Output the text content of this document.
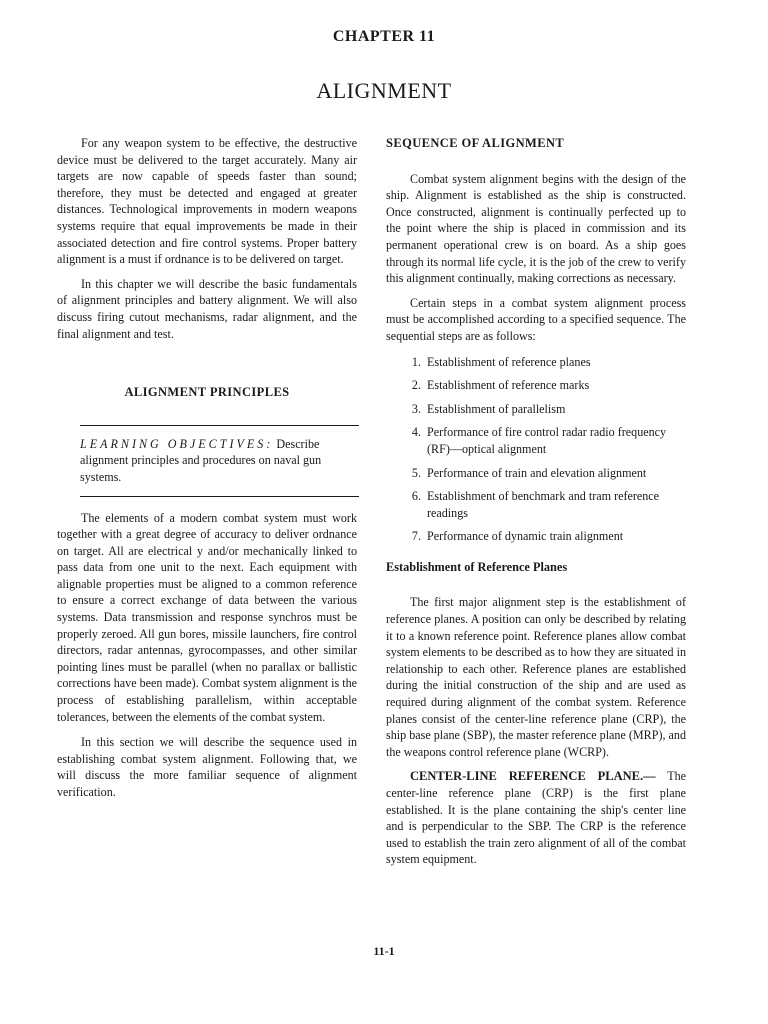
CHAPTER 11
ALIGNMENT

For any weapon system to be effective, the destructive device must be delivered to the target accurately. Many air targets are now capable of speeds faster than sound; therefore, they must be detected and engaged at greater distances. Technological improvements in modern weapons systems require that equal improvements be made in their associated detection and fire control systems. Proper battery alignment is a must if ordnance is to be delivered on target.

In this chapter we will describe the basic fundamentals of alignment principles and battery alignment. We will also discuss firing cutout mechanisms, radar alignment, and the final alignment and test.

ALIGNMENT PRINCIPLES

LEARNING OBJECTIVES: Describe alignment principles and procedures on naval gun systems.

The elements of a modern combat system must work together with a great degree of accuracy to deliver ordnance on target. All are electrical y and/or mechanically linked to pass data from one unit to the next. Each equipment with alignable properties must be aligned to a common reference to ensure a correct exchange of data between the various systems. Data transmission and response synchros must be properly zeroed. All gun bores, missile launchers, fire control directors, radar antennas, gyrocompasses, and other similar pointing lines must be parallel (when no parallax or ballistic corrections have been made). Combat system alignment is the process of establishing parallelism, within acceptable tolerances, between the elements of the combat system.

In this section we will describe the sequence used in establishing combat system alignment. Following that, we will discuss the more familiar sequence of alignment verification.

SEQUENCE OF ALIGNMENT

Combat system alignment begins with the design of the ship. Alignment is established as the ship is constructed. Once constructed, alignment is continually perfected up to the point where the ship is placed in commission and its permanent operational crew is on board. As a ship goes through its normal life cycle, it is the job of the crew to verify this alignment continually, making corrections as necessary.

Certain steps in a combat system alignment process must be accomplished according to a specified sequence. The sequential steps are as follows:

1. Establishment of reference planes
2. Establishment of reference marks
3. Establishment of parallelism
4. Performance of fire control radar radio frequency (RF)—optical alignment
5. Performance of train and elevation alignment
6. Establishment of benchmark and tram reference readings
7. Performance of dynamic train alignment
Establishment of Reference Planes

The first major alignment step is the establishment of reference planes. A position can only be described by relating it to a known reference point. Reference planes allow combat system elements to be described as to how they are situated in relationship to each other. Reference planes are established during the initial construction of the ship and are used as required during alignment of the combat system. Reference planes consist of the center-line reference plane (CRP), the ship base plane (SBP), the master reference plane (MRP), and the weapons control reference plane (WCRP).

CENTER-LINE REFERENCE PLANE.— The center-line reference plane (CRP) is the first plane established. It is the plane containing the ship's center line and is perpendicular to the SBP. The CRP is the reference used to establish the train zero alignment of all of the combat system equipment.

11-1
